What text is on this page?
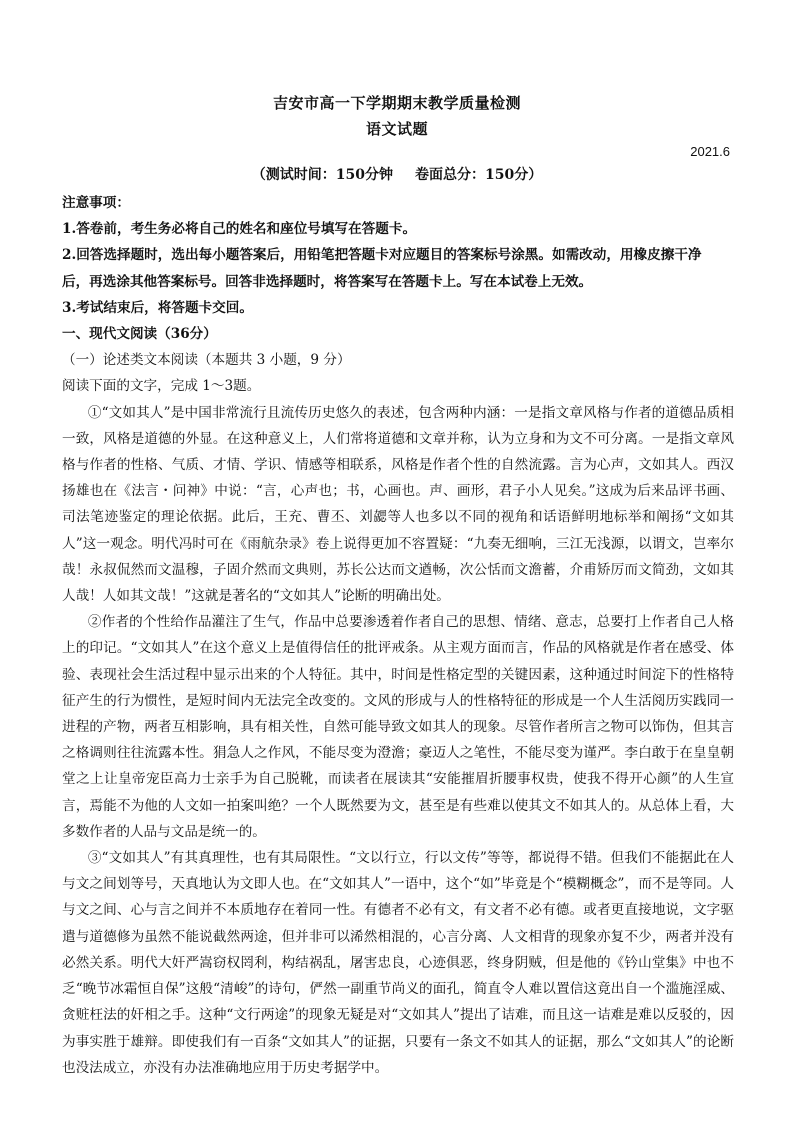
吉安市高一下学期期末教学质量检测
语文试题
2021.6
（测试时间：150分钟 卷面总分：150分）
注意事项：
1.答卷前，考生务必将自己的姓名和座位号填写在答题卡。
2.回答选择题时，选出每小题答案后，用铅笔把答题卡对应题目的答案标号涂黑。如需改动，用橡皮擦干净
后，再选涂其他答案标号。回答非选择题时，将答案写在答题卡上。写在本试卷上无效。
3.考试结束后，将答题卡交回。
一、现代文阅读（36分）
（一）论述类文本阅读（本题共 3 小题，9 分）
阅读下面的文字，完成 1～3题。
①“文如其人”是中国非常流行且流传历史悠久的表述，包含两种内涵：一是指文章风格与作者的道德品质相一致，风格是道德的外显。在这种意义上，人们常将道德和文章并称，认为立身和为文不可分离。一是指文章风格与作者的性格、气质、才情、学识、情感等相联系，风格是作者个性的自然流露。言为心声，文如其人。西汉扬雄也在《法言・问神》中说：“言，心声也；书，心画也。声、画形，君子小人见矣。”这成为后来品评书画、司法笔迹鉴定的理论依据。此后，王充、曹丕、刘勰等人也多以不同的视角和话语鲜明地标举和阐扬“文如其人”这一观念。明代冯时可在《雨航杂录》卷上说得更加不容置疑：“九奏无细响，三江无浅源，以谓文，岂率尔哉！永叔侃然而文温穆，子固介然而文典则，苏长公达而文遒畅，次公恬而文澹蓄，介甫矫厉而文简劲，文如其人哉！人如其文哉！”这就是著名的“文如其人”论断的明确出处。
②作者的个性给作品灌注了生气，作品中总要渗透着作者自己的思想、情绪、意志，总要打上作者自己人格上的印记。“文如其人”在这个意义上是值得信任的批评戒条。从主观方面而言，作品的风格就是作者在感受、体验、表现社会生活过程中显示出来的个人特征。其中，时间是性格定型的关键因素，这种通过时间淀下的性格特征产生的行为惯性，是短时间内无法完全改变的。文风的形成与人的性格特征的形成是一个人生活阅历实践同一进程的产物，两者互相影响，具有相关性，自然可能导致文如其人的现象。尽管作者所言之物可以饰伪，但其言之格调则往往流露本性。狷急人之作风，不能尽变为澄澹；豪迈人之笔性，不能尽变为谨严。李白敢于在皇皇朝堂之上让皇帝宠臣高力士亲手为自己脱靴，而读者在展读其“安能摧眉折腰事权贵，使我不得开心颜”的人生宣言，焉能不为他的人文如一拍案叫绝？一个人既然要为文，甚至是有些难以使其文不如其人的。从总体上看，大多数作者的人品与文品是统一的。
③“文如其人”有其真理性，也有其局限性。“文以行立，行以文传”等等，都说得不错。但我们不能据此在人与文之间划等号，天真地认为文即人也。在“文如其人”一语中，这个“如”毕竟是个“模糊概念”，而不是等同。人与文之间、心与言之间并不本质地存在着同一性。有德者不必有文，有文者不必有德。或者更直接地说，文字驱遣与道德修为虽然不能说截然两途，但并非可以浠然相混的，心言分离、人文相背的现象亦复不少，两者并没有必然关系。明代大奸严嵩窃权罔利，构结祸乱，屠害忠良，心迹俱恶，终身阴贼，但是他的《钤山堂集》中也不乏“晚节冰霜恒自保”这般“清峻”的诗句，俨然一副重节尚义的面孔，简直令人难以置信这竟出自一个滥施淫威、贪赃枉法的奸相之手。这种“文行两途”的现象无疑是对“文如其人”提出了诘难，而且这一诘难是难以反驳的，因为事实胜于雄辩。即使我们有一百条“文如其人”的证据，只要有一条文不如其人的证据，那么“文如其人”的论断也没法成立，亦没有办法准确地应用于历史考据学中。
